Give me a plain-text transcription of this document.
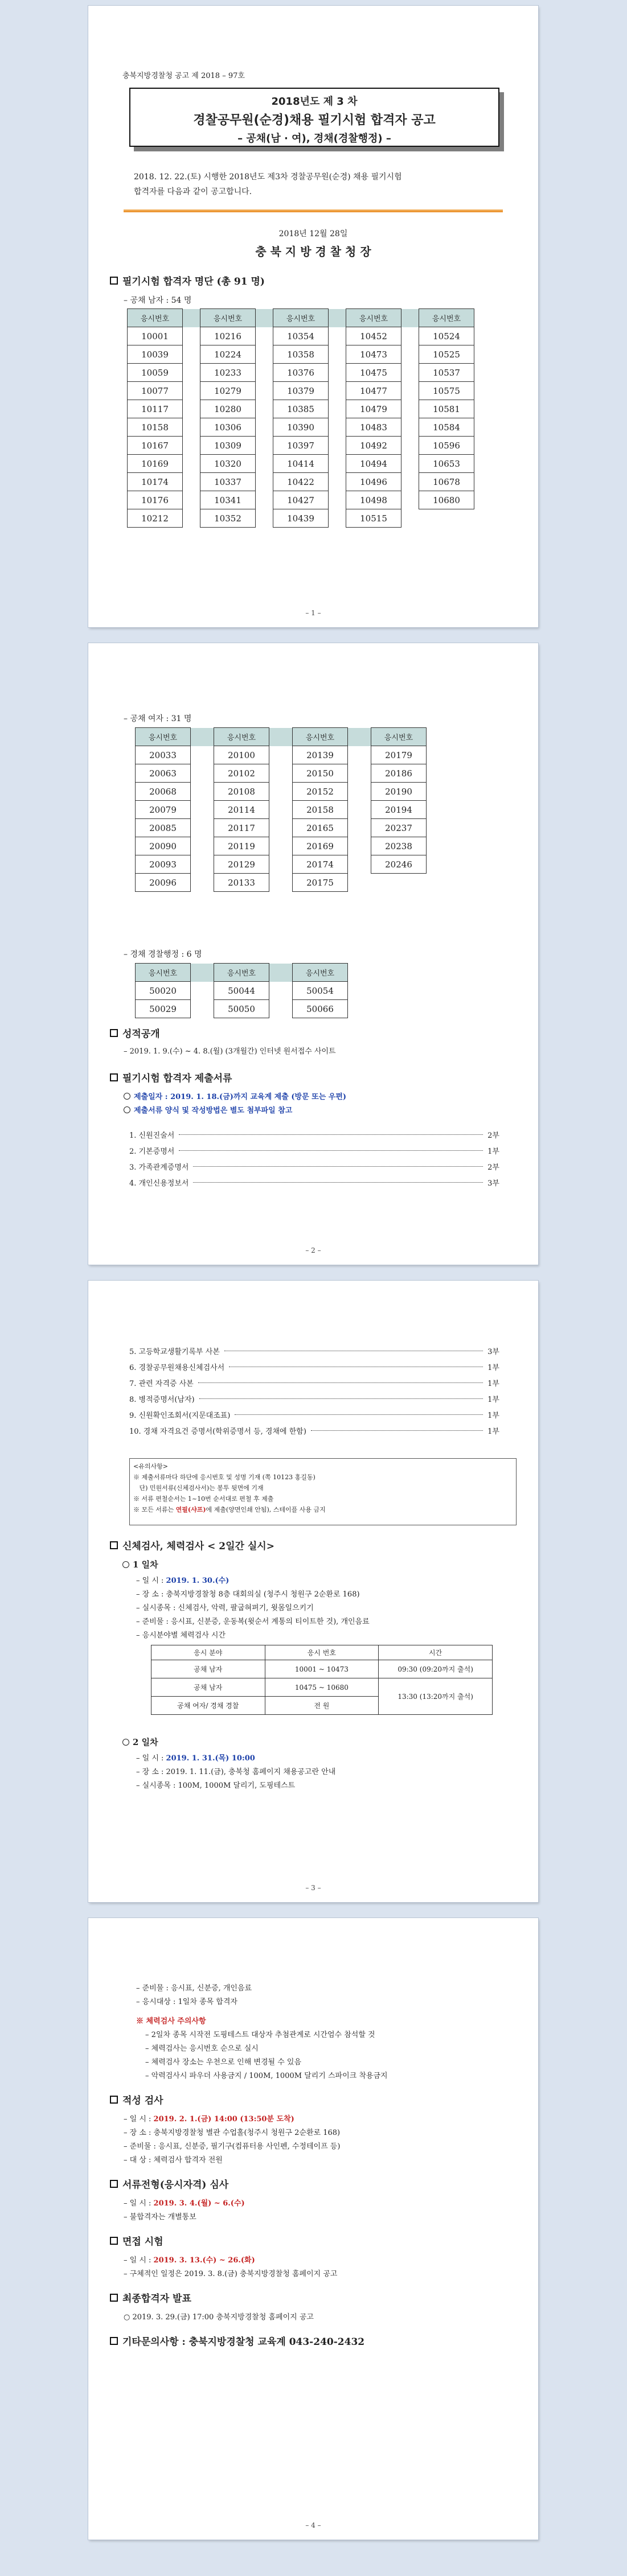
충북지방경찰청 공고 제 2018 – 97호
2018년도 제 3 차
경찰공무원(순경)채용 필기시험 합격자 공고
– 공채(남 · 여), 경채(경찰행정) –
2018. 12. 22.(토) 시행한 2018년도 제3차 경찰공무원(순경) 채용 필기시험
합격자를 다음과 같이 공고합니다.
2018년 12월 28일
충 북 지 방 경 찰 청 장
필기시험 합격자 명단 (총 91 명)
– 공채 남자 : 54 명
응시번호		응시번호		응시번호		응시번호		응시번호
10001		10216		10354		10452		10524
10039		10224		10358		10473		10525
10059		10233		10376		10475		10537
10077		10279		10379		10477		10575
10117		10280		10385		10479		10581
10158		10306		10390		10483		10584
10167		10309		10397		10492		10596
10169		10320		10414		10494		10653
10174		10337		10422		10496		10678
10176		10341		10427		10498		10680
10212		10352		10439		10515		
– 1 –
– 공채 여자 : 31 명
응시번호		응시번호		응시번호		응시번호
20033		20100		20139		20179
20063		20102		20150		20186
20068		20108		20152		20190
20079		20114		20158		20194
20085		20117		20165		20237
20090		20119		20169		20238
20093		20129		20174		20246
20096		20133		20175		
– 경채 경찰행정 : 6 명
응시번호		응시번호		응시번호
50020		50044		50054
50029		50050		50066
성적공개
– 2019. 1. 9.(수) ~ 4. 8.(월) (3개월간) 인터넷 원서접수 사이트
필기시험 합격자 제출서류
제출일자 : 2019. 1. 18.(금)까지 교육계 제출 (방문 또는 우편)
제출서류 양식 및 작성방법은 별도 첨부파일 참고
1. 신원진술서	2부
2. 기본증명서	1부
3. 가족관계증명서	2부
4. 개인신용정보서	3부
– 2 –
5. 고등학교생활기록부 사본	3부
6. 경찰공무원채용신체검사서	1부
7. 관련 자격증 사본	1부
8. 병적증명서(남자)	1부
9. 신원확인조회서(지문대조표)	1부
10. 경채 자격요건 증명서(학위증명서 등, 경채에 한함)	1부
<유의사항>
※ 제출서류마다 하단에 응시번호 및 성명 기재 (쪽 10123 홍길동)
단) 민원서류(신체검사서)는 봉투 뒷면에 기재
※ 서류 편철순서는 1~10번 순서대로 편철 후 제출
※ 모든 서류는 연필(샤프)에 제출(양면인쇄 안됨), 스테이플 사용 금지
신체검사, 체력검사 < 2일간 실시>
1 일차
– 일 시 : 2019. 1. 30.(수)
– 장 소 : 충북지방경찰청 8층 대회의실 (청주시 청원구 2순환로 168)
– 실시종목 : 신체검사, 악력, 팔굽혀펴기, 윗몸일으키기
– 준비물 : 응시표, 신분증, 운동복(윗순서 계통의 티이트한 것), 개인음료
– 응시분야별 체력검사 시간
응시 분야	응시 번호	시간
공채 남자	10001 ~ 10473	09:30 (09:20까지 출석)
공채 남자	10475 ~ 10680	13:30 (13:20까지 출석)
공채 여자/ 경채 경찰	전 원	
2 일차
– 일 시 : 2019. 1. 31.(목) 10:00
– 장 소 : 2019. 1. 11.(금), 충북청 홈페이지 채용공고란 안내
– 실시종목 : 100M, 1000M 달리기, 도핑테스트
– 3 –
– 준비물 : 응시표, 신분증, 개인음료
– 응시대상 : 1일차 종목 합격자
※ 체력검사 주의사항
– 2일차 종목 시작전 도핑테스트 대상자 추첨관계로 시간엄수 참석할 것
– 체력검사는 응시번호 순으로 실시
– 체력검사 장소는 우천으로 인해 변경될 수 있음
– 악력검사시 파우더 사용금지 / 100M, 1000M 달리기 스파이크 착용금지
적성 검사
– 일 시 : 2019. 2. 1.(금) 14:00 (13:50분 도착)
– 장 소 : 충북지방경찰청 별관 수업홀(청주시 청원구 2순환로 168)
– 준비물 : 응시표, 신분증, 필기구(컴퓨터용 사인펜, 수정테이프 등)
– 대 상 : 체력검사 합격자 전원
서류전형(응시자격) 심사
– 일 시 : 2019. 3. 4.(월) ~ 6.(수)
– 불합격자는 개별통보
면접 시험
– 일 시 : 2019. 3. 13.(수) ~ 26.(화)
– 구체적인 일정은 2019. 3. 8.(금) 충북지방경찰청 홈페이지 공고
최종합격자 발표
○ 2019. 3. 29.(금) 17:00 충북지방경찰청 홈페이지 공고
기타문의사항 : 충북지방경찰청 교육계 043-240-2432
– 4 –
